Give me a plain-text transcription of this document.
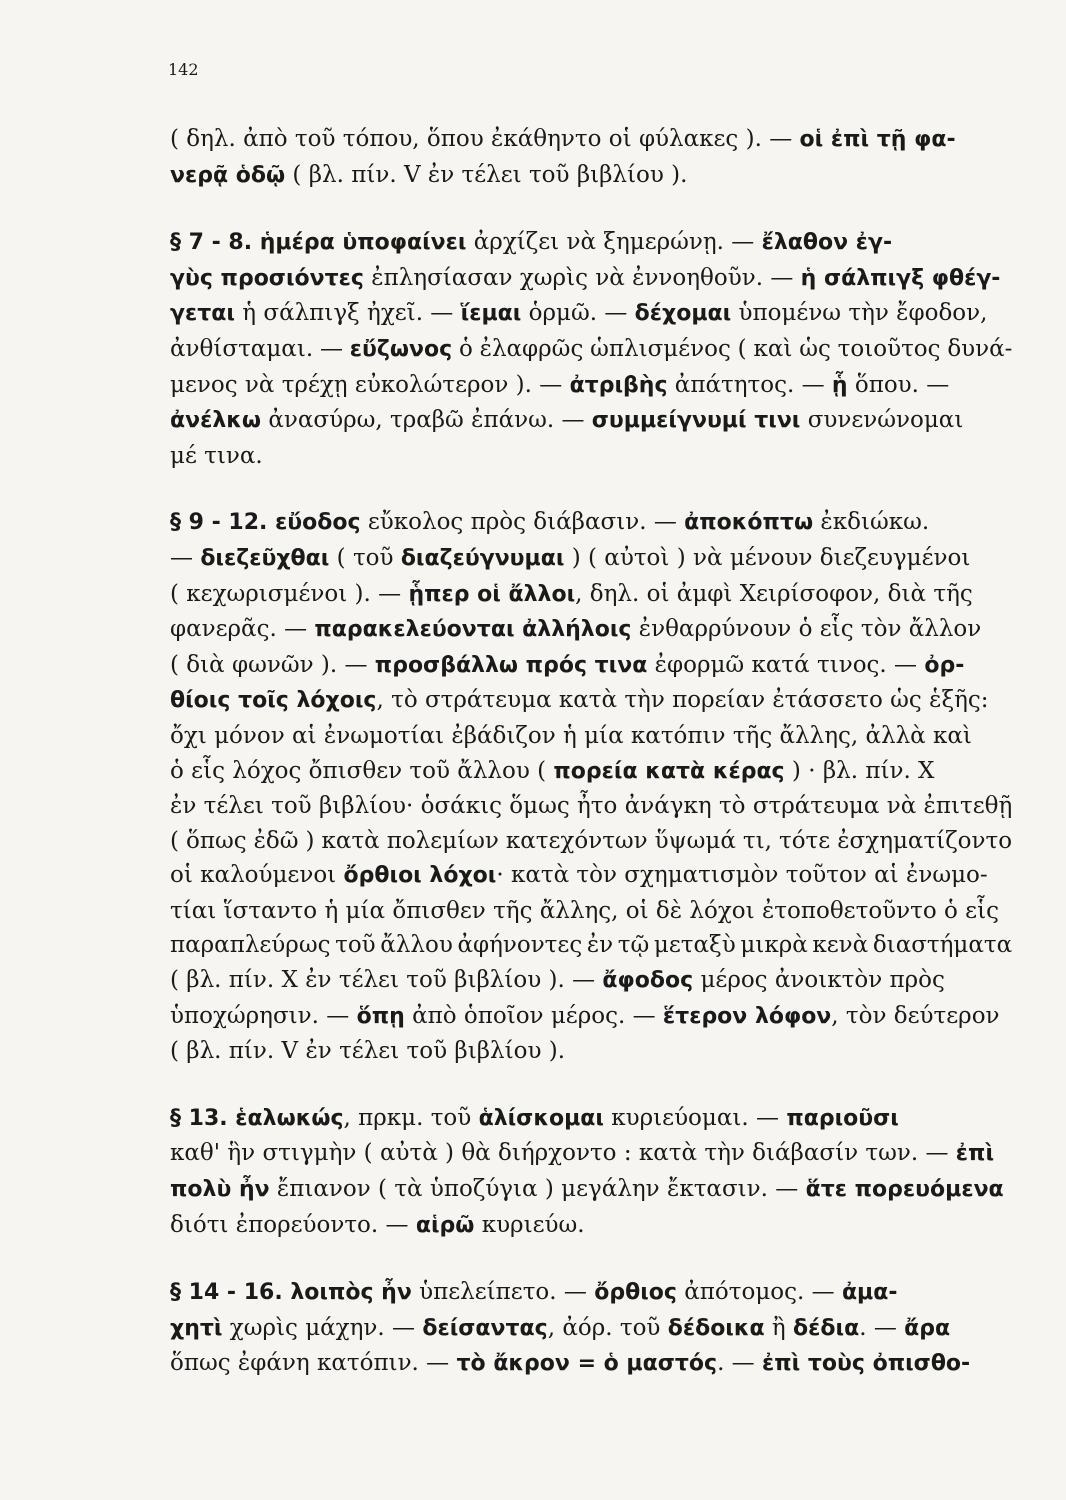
142
( δηλ. ἀπὸ τοῦ τόπου, ὅπου ἐκάθηντο οἱ φύλακες ). — οἱ ἐπὶ τῇ φα-
νερᾷ ὁδῷ ( βλ. πίν. V ἐν τέλει τοῦ βιβλίου ).
§ 7 - 8. ἡμέρα ὑποφαίνει ἀρχίζει νὰ ξημερώνῃ. — ἔλαθον ἐγ-
γὺς προσιόντες ἐπλησίασαν χωρὶς νὰ ἐννοηθοῦν. — ἡ σάλπιγξ φθέγ-
γεται ἡ σάλπιγξ ἠχεῖ. — ἵεμαι ὁρμῶ. — δέχομαι ὑπομένω τὴν ἔφοδον,
ἀνθίσταμαι. — εὔζωνος ὁ ἐλαφρῶς ὡπλισμένος ( καὶ ὡς τοιοῦτος δυνά-
μενος νὰ τρέχῃ εὐκολώτερον ). — ἀτριβὴς ἀπάτητος. — ᾗ ὅπου. —
ἀνέλκω ἀνασύρω, τραβῶ ἐπάνω. — συμμείγνυμί τινι συνενώνομαι
μέ τινα.
§ 9 - 12. εὔοδος εὔκολος πρὸς διάβασιν. — ἀποκόπτω ἐκδιώκω.
— διεζεῦχθαι ( τοῦ διαζεύγνυμαι ) ( αὐτοὶ ) νὰ μένουν διεζευγμένοι
( κεχωρισμένοι ). — ᾗπερ οἱ ἄλλοι, δηλ. οἱ ἀμφὶ Χειρίσοφον, διὰ τῆς
φανερᾶς. — παρακελεύονται ἀλλήλοις ἐνθαρρύνουν ὁ εἷς τὸν ἄλλον
( διὰ φωνῶν ). — προσβάλλω πρός τινα ἐφορμῶ κατά τινος. — ὀρ-
θίοις τοῖς λόχοις, τὸ στράτευμα κατὰ τὴν πορείαν ἐτάσσετο ὡς ἑξῆς:
ὄχι μόνον αἱ ἐνωμοτίαι ἐβάδιζον ἡ μία κατόπιν τῆς ἄλλης, ἀλλὰ καὶ
ὁ εἷς λόχος ὄπισθεν τοῦ ἄλλου ( πορεία κατὰ κέρας ) · βλ. πίν. X
ἐν τέλει τοῦ βιβλίου· ὁσάκις ὅμως ἦτο ἀνάγκη τὸ στράτευμα νὰ ἐπιτεθῇ
( ὅπως ἐδῶ ) κατὰ πολεμίων κατεχόντων ὕψωμά τι, τότε ἐσχηματίζοντο
οἱ καλούμενοι ὄρθιοι λόχοι· κατὰ τὸν σχηματισμὸν τοῦτον αἱ ἐνωμο-
τίαι ἵσταντο ἡ μία ὄπισθεν τῆς ἄλλης, οἱ δὲ λόχοι ἐτοποθετοῦντο ὁ εἷς
παραπλεύρως τοῦ ἄλλου ἀφήνοντες ἐν τῷ μεταξὺ μικρὰ κενὰ διαστήματα
( βλ. πίν. X ἐν τέλει τοῦ βιβλίου ). — ἄφοδος μέρος ἀνοικτὸν πρὸς
ὑποχώρησιν. — ὅπῃ ἀπὸ ὁποῖον μέρος. — ἕτερον λόφον, τὸν δεύτερον
( βλ. πίν. V ἐν τέλει τοῦ βιβλίου ).
§ 13. ἑαλωκώς, πρκμ. τοῦ ἁλίσκομαι κυριεύομαι. — παριοῦσι
καθ' ἣν στιγμὴν ( αὐτὰ ) θὰ διήρχοντο : κατὰ τὴν διάβασίν των. — ἐπὶ
πολὺ ἦν ἔπιανον ( τὰ ὑποζύγια ) μεγάλην ἔκτασιν. — ἅτε πορευόμενα
διότι ἐπορεύοντο. — αἱρῶ κυριεύω.
§ 14 - 16. λοιπὸς ἦν ὑπελείπετο. — ὄρθιος ἀπότομος. — ἀμα-
χητὶ χωρὶς μάχην. — δείσαντας, ἀόρ. τοῦ δέδοικα ἢ δέδια. — ἄρα
ὅπως ἐφάνη κατόπιν. — τὸ ἄκρον = ὁ μαστός. — ἐπὶ τοὺς ὀπισθο-
